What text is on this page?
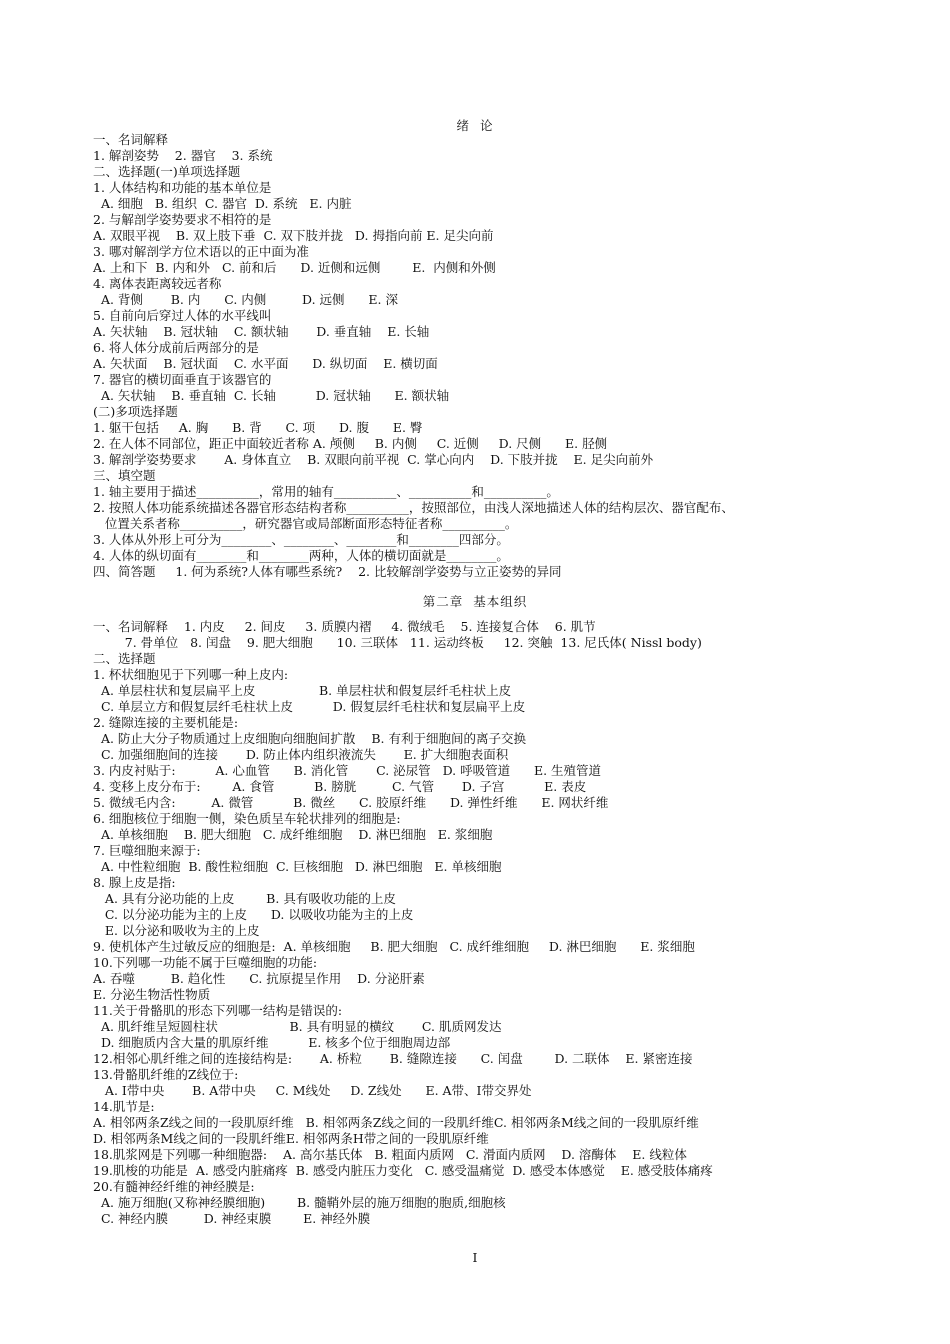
绪  论
一、名词解释
1. 解剖姿势    2. 器官    3. 系统
二、选择题(一)单项选择题
1. 人体结构和功能的基本单位是
A. 细胞   B. 组织  C. 器官  D. 系统   E. 内脏
2. 与解剖学姿势要求不相符的是
A. 双眼平视    B. 双上肢下垂  C. 双下肢并拢   D. 拇指向前 E. 足尖向前
3. 哪对解剖学方位术语以的正中面为准
A. 上和下  B. 内和外   C. 前和后      D. 近侧和远侧        E.  内侧和外侧
4. 离体表距离较远者称
A. 背侧       B. 内      C. 内侧         D. 远侧      E. 深
5. 自前向后穿过人体的水平线叫
A. 矢状轴    B. 冠状轴    C. 额状轴       D. 垂直轴    E. 长轴
6. 将人体分成前后两部分的是
A. 矢状面    B. 冠状面    C. 水平面      D. 纵切面    E. 横切面
7. 器官的横切面垂直于该器官的
A. 矢状轴    B. 垂直轴  C. 长轴          D. 冠状轴      E. 额状轴
(二)多项选择题
1. 躯干包括     A. 胸      B. 背      C. 项      D. 腹      E. 臀
2. 在人体不同部位，距正中面较近者称 A. 颅侧     B. 内侧     C. 近侧     D. 尺侧      E. 胫侧
3. 解剖学姿势要求       A. 身体直立    B. 双眼向前平视  C. 掌心向内    D. 下肢并拢    E. 足尖向前外
三、填空题
1. 轴主要用于描述__________，常用的轴有__________、__________和__________。
2. 按照人体功能系统描述各器官形态结构者称__________，按照部位，由浅人深地描述人体的结构层次、器官配布、
位置关系者称__________，研究器官或局部断面形态特征者称__________。
3. 人体从外形上可分为________、________、________和________四部分。
4. 人体的纵切面有________和________两种，人体的横切面就是________。
四、简答题     1. 何为系统?人体有哪些系统?    2. 比较解剖学姿势与立正姿势的异同
第二章  基本组织
一、名词解释    1. 内皮     2. 间皮     3. 质膜内褶     4. 微绒毛    5. 连接复合体    6. 肌节
7. 骨单位   8. 闰盘    9. 肥大细胞      10. 三联体   11. 运动终板     12. 突触  13. 尼氏体( Nissl body)
二、选择题
1. 杯状细胞见于下列哪一种上皮内:
A. 单层柱状和复层扁平上皮                B. 单层柱状和假复层纤毛柱状上皮
C. 单层立方和假复层纤毛柱状上皮          D. 假复层纤毛柱状和复层扁平上皮
2. 缝隙连接的主要机能是:
A. 防止大分子物质通过上皮细胞向细胞间扩散    B. 有利于细胞间的离子交换
C. 加强细胞间的连接       D. 防止体内组织液流失       E. 扩大细胞表面积
3. 内皮衬贴于:          A. 心血管      B. 消化管       C. 泌尿管   D. 呼吸管道      E. 生殖管道
4. 变移上皮分布于:        A. 食管          B. 膀胱         C. 气管       D. 子宫          E. 表皮
5. 微绒毛内含:         A. 微管          B. 微丝      C. 胶原纤维      D. 弹性纤维      E. 网状纤维
6. 细胞核位于细胞一侧，染色质呈车轮状排列的细胞是:
A. 单核细胞    B. 肥大细胞   C. 成纤维细胞    D. 淋巴细胞   E. 浆细胞
7. 巨噬细胞来源于:
A. 中性粒细胞  B. 酸性粒细胞  C. 巨核细胞   D. 淋巴细胞   E. 单核细胞
8. 腺上皮是指:
A. 具有分泌功能的上皮        B. 具有吸收功能的上皮
C. 以分泌功能为主的上皮      D. 以吸收功能为主的上皮
E. 以分泌和吸收为主的上皮
9. 使机体产生过敏反应的细胞是:  A. 单核细胞     B. 肥大细胞   C. 成纤维细胞     D. 淋巴细胞      E. 浆细胞
10.下列哪一功能不属于巨噬细胞的功能:
A. 吞噬         B. 趋化性      C. 抗原提呈作用    D. 分泌肝素
E. 分泌生物活性物质
11.关于骨骼肌的形态下列哪一结构是错误的:
A. 肌纤维呈短圆柱状                  B. 具有明显的横纹       C. 肌质网发达
D. 细胞质内含大量的肌原纤维          E. 核多个位于细胞周边部
12.相邻心肌纤维之间的连接结构是:       A. 桥粒       B. 缝隙连接      C. 闰盘        D. 二联体    E. 紧密连接
13.骨骼肌纤维的Z线位于:
A. I带中央       B. A带中央     C. M线处     D. Z线处      E. A带、I带交界处
14.肌节是:
A. 相邻两条Z线之间的一段肌原纤维   B. 相邻两条Z线之间的一段肌纤维C. 相邻两条M线之间的一段肌原纤维
D. 相邻两条M线之间的一段肌纤维E. 相邻两条H带之间的一段肌原纤维
18.肌浆网是下列哪一种细胞器:    A. 高尔基氏体   B. 粗面内质网   C. 滑面内质网    D. 溶酶体    E. 线粒体
19.肌梭的功能是  A. 感受内脏痛疼  B. 感受内脏压力变化   C. 感受温痛觉  D. 感受本体感觉    E. 感受肢体痛疼
20.有髓神经纤维的神经膜是:
A. 施万细胞(又称神经膜细胞)        B. 髓鞘外层的施万细胞的胞质,细胞核
C. 神经内膜         D. 神经束膜        E. 神经外膜
I
